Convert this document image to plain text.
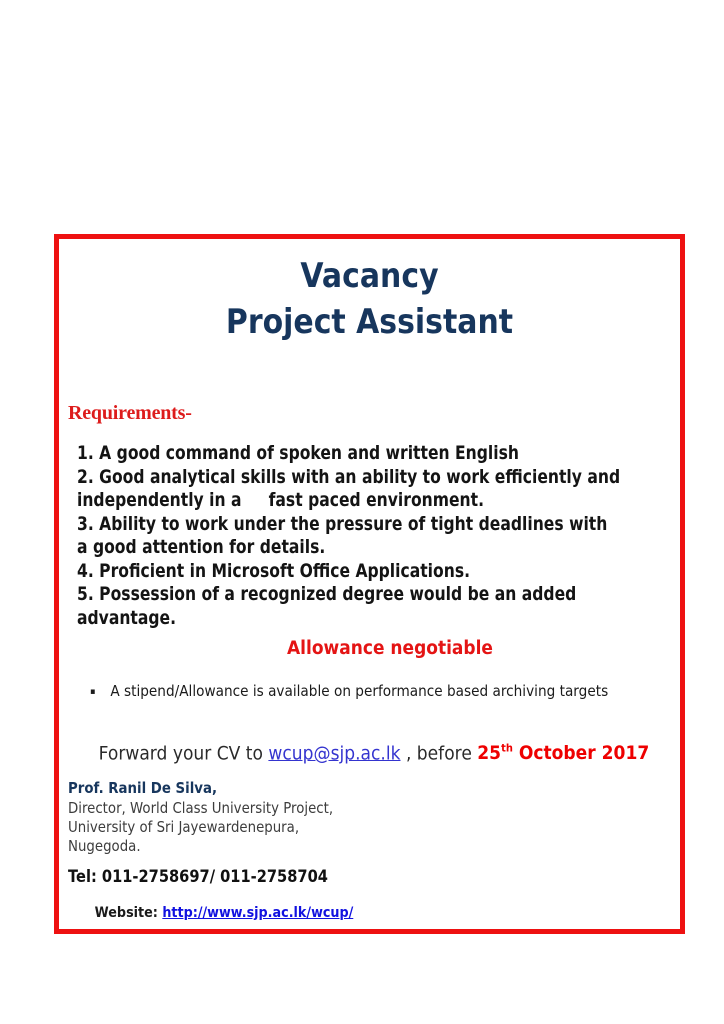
Vacancy
Project Assistant
Requirements-
1. A good command of spoken and written English
2. Good analytical skills with an ability to work efficiently and
independently in a     fast paced environment.
3. Ability to work under the pressure of tight deadlines with
a good attention for details.
4. Proficient in Microsoft Office Applications.
5. Possession of a recognized degree would be an added
advantage.
Allowance negotiable
▪ A stipend/Allowance is available on performance based archiving targets

Forward your CV to wcup@sjp.ac.lk , before 25th October 2017

Prof. Ranil De Silva,
Director, World Class University Project,
University of Sri Jayewardenepura,
Nugegoda.
Tel: 011-2758697/ 011-2758704

Website: http://www.sjp.ac.lk/wcup/
